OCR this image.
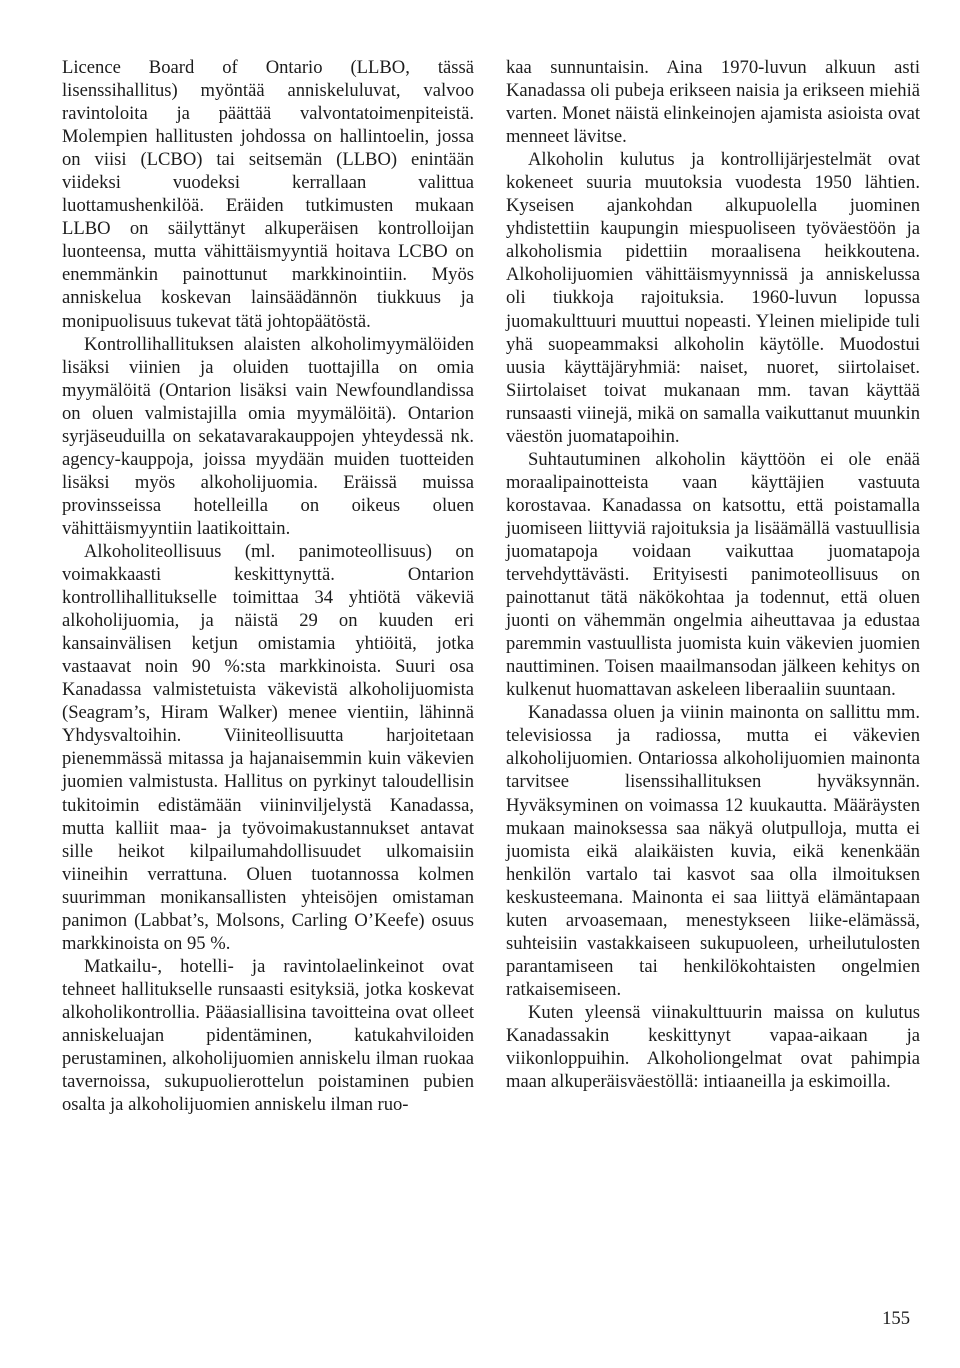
Licence Board of Ontario (LLBO, tässä lisenssihallitus) myöntää anniskeluluvat, valvoo ravintoloita ja päättää valvontatoimenpiteistä. Molempien hallitusten johdossa on hallintoelin, jossa on viisi (LCBO) tai seitsemän (LLBO) enintään viideksi vuodeksi kerrallaan valittua luottamushenkilöä. Eräiden tutkimusten mukaan LLBO on säilyttänyt alkuperäisen kontrolloijan luonteensa, mutta vähittäismyyntiä hoitava LCBO on enemmänkin painottunut markkinointiin. Myös anniskelua koskevan lainsäädännön tiukkuus ja monipuolisuus tukevat tätä johtopäätöstä.

Kontrollihallituksen alaisten alkoholimyymälöiden lisäksi viinien ja oluiden tuottajilla on omia myymälöitä (Ontarion lisäksi vain Newfoundlandissa on oluen valmistajilla omia myymälöitä). Ontarion syrjäseuduilla on sekatavarakauppojen yhteydessä nk. agency-kauppoja, joissa myydään muiden tuotteiden lisäksi myös alkoholijuomia. Eräissä muissa provinsseissa hotelleilla on oikeus oluen vähittäismyyntiin laatikoittain.

Alkoholiteollisuus (ml. panimoteollisuus) on voimakkaasti keskittynyttä. Ontarion kontrollihallitukselle toimittaa 34 yhtiötä väkeviä alkoholijuomia, ja näistä 29 on kuuden eri kansainvälisen ketjun omistamia yhtiöitä, jotka vastaavat noin 90 %:sta markkinoista. Suuri osa Kanadassa valmistetuista väkevistä alkoholijuomista (Seagram’s, Hiram Walker) menee vientiin, lähinnä Yhdysvaltoihin. Viiniteollisuutta harjoitetaan pienemmässä mitassa ja hajanaisemmin kuin väkevien juomien valmistusta. Hallitus on pyrkinyt taloudellisin tukitoimin edistämään viininviljelystä Kanadassa, mutta kalliit maa- ja työvoimakustannukset antavat sille heikot kilpailumahdollisuudet ulkomaisiin viineihin verrattuna. Oluen tuotannossa kolmen suurimman monikansallisten yhteisöjen omistaman panimon (Labbat’s, Molsons, Carling O’Keefe) osuus markkinoista on 95 %.

Matkailu-, hotelli- ja ravintolaelinkeinot ovat tehneet hallitukselle runsaasti esityksiä, jotka koskevat alkoholikontrollia. Pääasiallisina tavoitteina ovat olleet anniskeluajan pidentäminen, katukahviloiden perustaminen, alkoholijuomien anniskelu ilman ruokaa tavernoissa, sukupuolierottelun poistaminen pubien osalta ja alkoholijuomien anniskelu ilman ruo-

kaa sunnuntaisin. Aina 1970-luvun alkuun asti Kanadassa oli pubeja erikseen naisia ja erikseen miehiä varten. Monet näistä elinkeinojen ajamista asioista ovat menneet lävitse.

Alkoholin kulutus ja kontrollijärjestelmät ovat kokeneet suuria muutoksia vuodesta 1950 lähtien. Kyseisen ajankohdan alkupuolella juominen yhdistettiin kaupungin miespuoliseen työväestöön ja alkoholismia pidettiin moraalisena heikkoutena. Alkoholijuomien vähittäismyynnissä ja anniskelussa oli tiukkoja rajoituksia. 1960-luvun lopussa juomakulttuuri muuttui nopeasti. Yleinen mielipide tuli yhä suopeammaksi alkoholin käytölle. Muodostui uusia käyttäjäryhmiä: naiset, nuoret, siirtolaiset. Siirtolaiset toivat mukanaan mm. tavan käyttää runsaasti viinejä, mikä on samalla vaikuttanut muunkin väestön juomatapoihin.

Suhtautuminen alkoholin käyttöön ei ole enää moraalipainotteista vaan käyttäjien vastuuta korostavaa. Kanadassa on katsottu, että poistamalla juomiseen liittyviä rajoituksia ja lisäämällä vastuullisia juomatapoja voidaan vaikuttaa juomatapoja tervehdyttävästi. Erityisesti panimoteollisuus on painottanut tätä näkökohtaa ja todennut, että oluen juonti on vähemmän ongelmia aiheuttavaa ja edustaa paremmin vastuullista juomista kuin väkevien juomien nauttiminen. Toisen maailmansodan jälkeen kehitys on kulkenut huomattavan askeleen liberaaliin suuntaan.

Kanadassa oluen ja viinin mainonta on sallittu mm. televisiossa ja radiossa, mutta ei väkevien alkoholijuomien. Ontariossa alkoholijuomien mainonta tarvitsee lisenssihallituksen hyväksynnän. Hyväksyminen on voimassa 12 kuukautta. Määräysten mukaan mainoksessa saa näkyä olutpulloja, mutta ei juomista eikä alaikäisten kuvia, eikä kenenkään henkilön vartalo tai kasvot saa olla ilmoituksen keskusteemana. Mainonta ei saa liittyä elämäntapaan kuten arvoasemaan, menestykseen liike-elämässä, suhteisiin vastakkaiseen sukupuoleen, urheilutulosten parantamiseen tai henkilökohtaisten ongelmien ratkaisemiseen.

Kuten yleensä viinakulttuurin maissa on kulutus Kanadassakin keskittynyt vapaa-aikaan ja viikonloppuihin. Alkoholiongelmat ovat pahimpia maan alkuperäisväestöllä: intiaaneilla ja eskimoilla.

155
